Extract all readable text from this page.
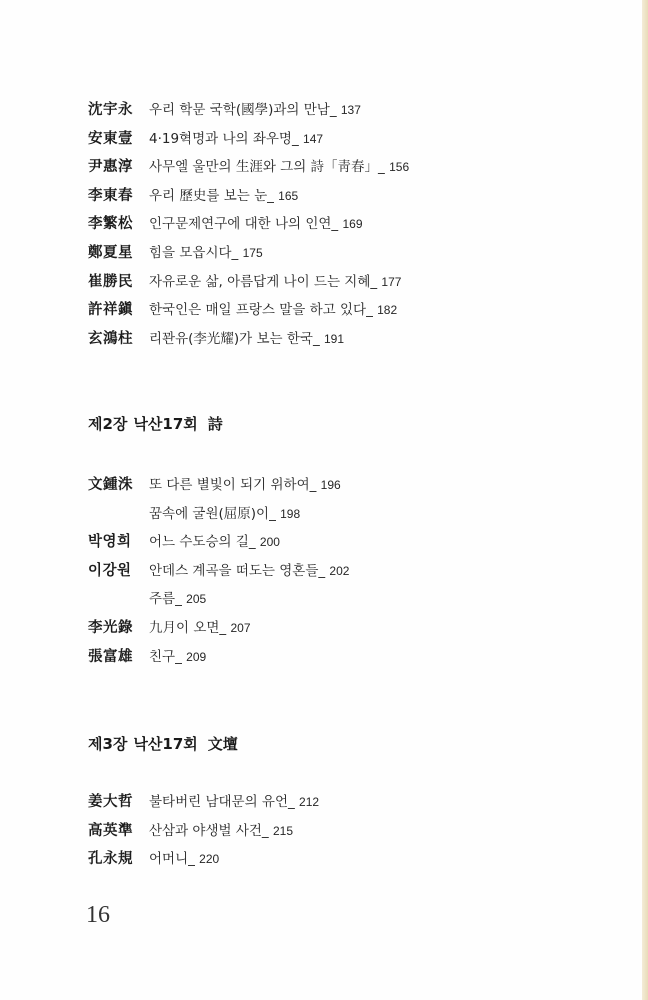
沈宇永 우리 학문 국학(國學)과의 만남_ 137
安東壹 4·19혁명과 나의 좌우명_ 147
尹惠淳 사무엘 울만의 生涯와 그의 詩「靑春」_ 156
李東春 우리 歷史를 보는 눈_ 165
李繁松 인구문제연구에 대한 나의 인연_ 169
鄭夏星 힘을 모읍시다_ 175
崔勝民 자유로운 삶, 아름답게 나이 드는 지혜_ 177
許祥鎭 한국인은 매일 프랑스 말을 하고 있다_ 182
玄鴻柱 리꽌유(李光耀)가 보는 한국_ 191
제2장 낙산17회 詩
文鍾洙 또 다른 별빛이 되기 위하여_ 196
꿈속에 굴원(屈原)이_ 198
박영희 어느 수도승의 길_ 200
이강원 안데스 계곡을 떠도는 영혼들_ 202
주름_ 205
李光錄 九月이 오면_ 207
張富雄 친구_ 209
제3장 낙산17회 文壇
姜大哲 불타버린 남대문의 유언_ 212
高英準 산삼과 야생벌 사건_ 215
孔永規 어머니_ 220
16
